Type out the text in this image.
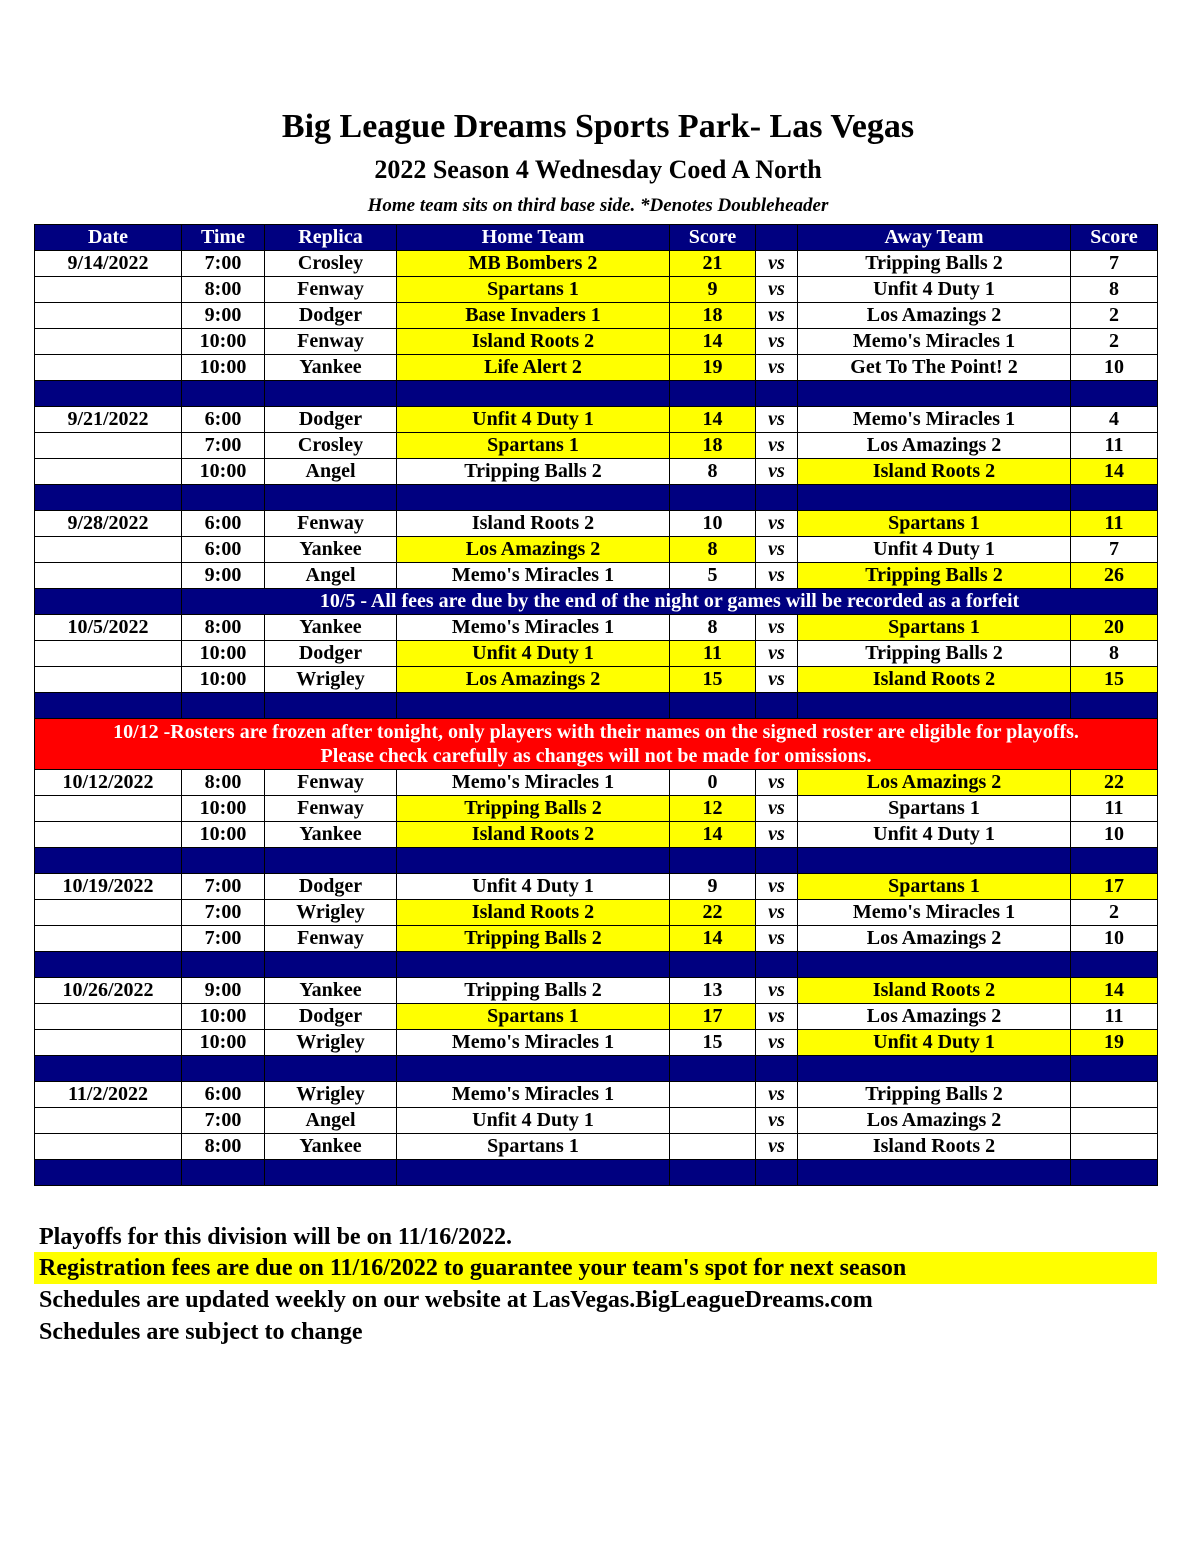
Big League Dreams Sports Park- Las Vegas
2022 Season 4 Wednesday Coed A North
Home team sits on third base side. *Denotes Doubleheader
Date	Time	Replica	Home Team	Score		Away Team	Score
9/14/2022	7:00	Crosley	MB Bombers 2	21	vs	Tripping Balls 2	7
	8:00	Fenway	Spartans 1	9	vs	Unfit 4 Duty 1	8
	9:00	Dodger	Base Invaders 1	18	vs	Los Amazings 2	2
	10:00	Fenway	Island Roots 2	14	vs	Memo's Miracles 1	2
	10:00	Yankee	Life Alert 2	19	vs	Get To The Point! 2	10

9/21/2022	6:00	Dodger	Unfit 4 Duty 1	14	vs	Memo's Miracles 1	4
	7:00	Crosley	Spartans 1	18	vs	Los Amazings 2	11
	10:00	Angel	Tripping Balls 2	8	vs	Island Roots 2	14

9/28/2022	6:00	Fenway	Island Roots 2	10	vs	Spartans 1	11
	6:00	Yankee	Los Amazings 2	8	vs	Unfit 4 Duty 1	7
	9:00	Angel	Memo's Miracles 1	5	vs	Tripping Balls 2	26
	10/5 - All fees are due by the end of the night or games will be recorded as a forfeit						
10/5/2022	8:00	Yankee	Memo's Miracles 1	8	vs	Spartans 1	20
	10:00	Dodger	Unfit 4 Duty 1	11	vs	Tripping Balls 2	8
	10:00	Wrigley	Los Amazings 2	15	vs	Island Roots 2	15

10/12 -Rosters are frozen after tonight, only players with their names on the signed roster are eligible for playoffs.
Please check carefully as changes will not be made for omissions.							

10/12/2022	8:00	Fenway	Memo's Miracles 1	0	vs	Los Amazings 2	22
	10:00	Fenway	Tripping Balls 2	12	vs	Spartans 1	11
	10:00	Yankee	Island Roots 2	14	vs	Unfit 4 Duty 1	10

10/19/2022	7:00	Dodger	Unfit 4 Duty 1	9	vs	Spartans 1	17
	7:00	Wrigley	Island Roots 2	22	vs	Memo's Miracles 1	2
	7:00	Fenway	Tripping Balls 2	14	vs	Los Amazings 2	10

10/26/2022	9:00	Yankee	Tripping Balls 2	13	vs	Island Roots 2	14
	10:00	Dodger	Spartans 1	17	vs	Los Amazings 2	11
	10:00	Wrigley	Memo's Miracles 1	15	vs	Unfit 4 Duty 1	19

11/2/2022	6:00	Wrigley	Memo's Miracles 1		vs	Tripping Balls 2	
	7:00	Angel	Unfit 4 Duty 1		vs	Los Amazings 2	
	8:00	Yankee	Spartans 1		vs	Island Roots 2	

Playoffs for this division will be on 11/16/2022.
Registration fees are due on 11/16/2022 to guarantee your team's spot for next season
Schedules are updated weekly on our website at LasVegas.BigLeagueDreams.com
Schedules are subject to change
